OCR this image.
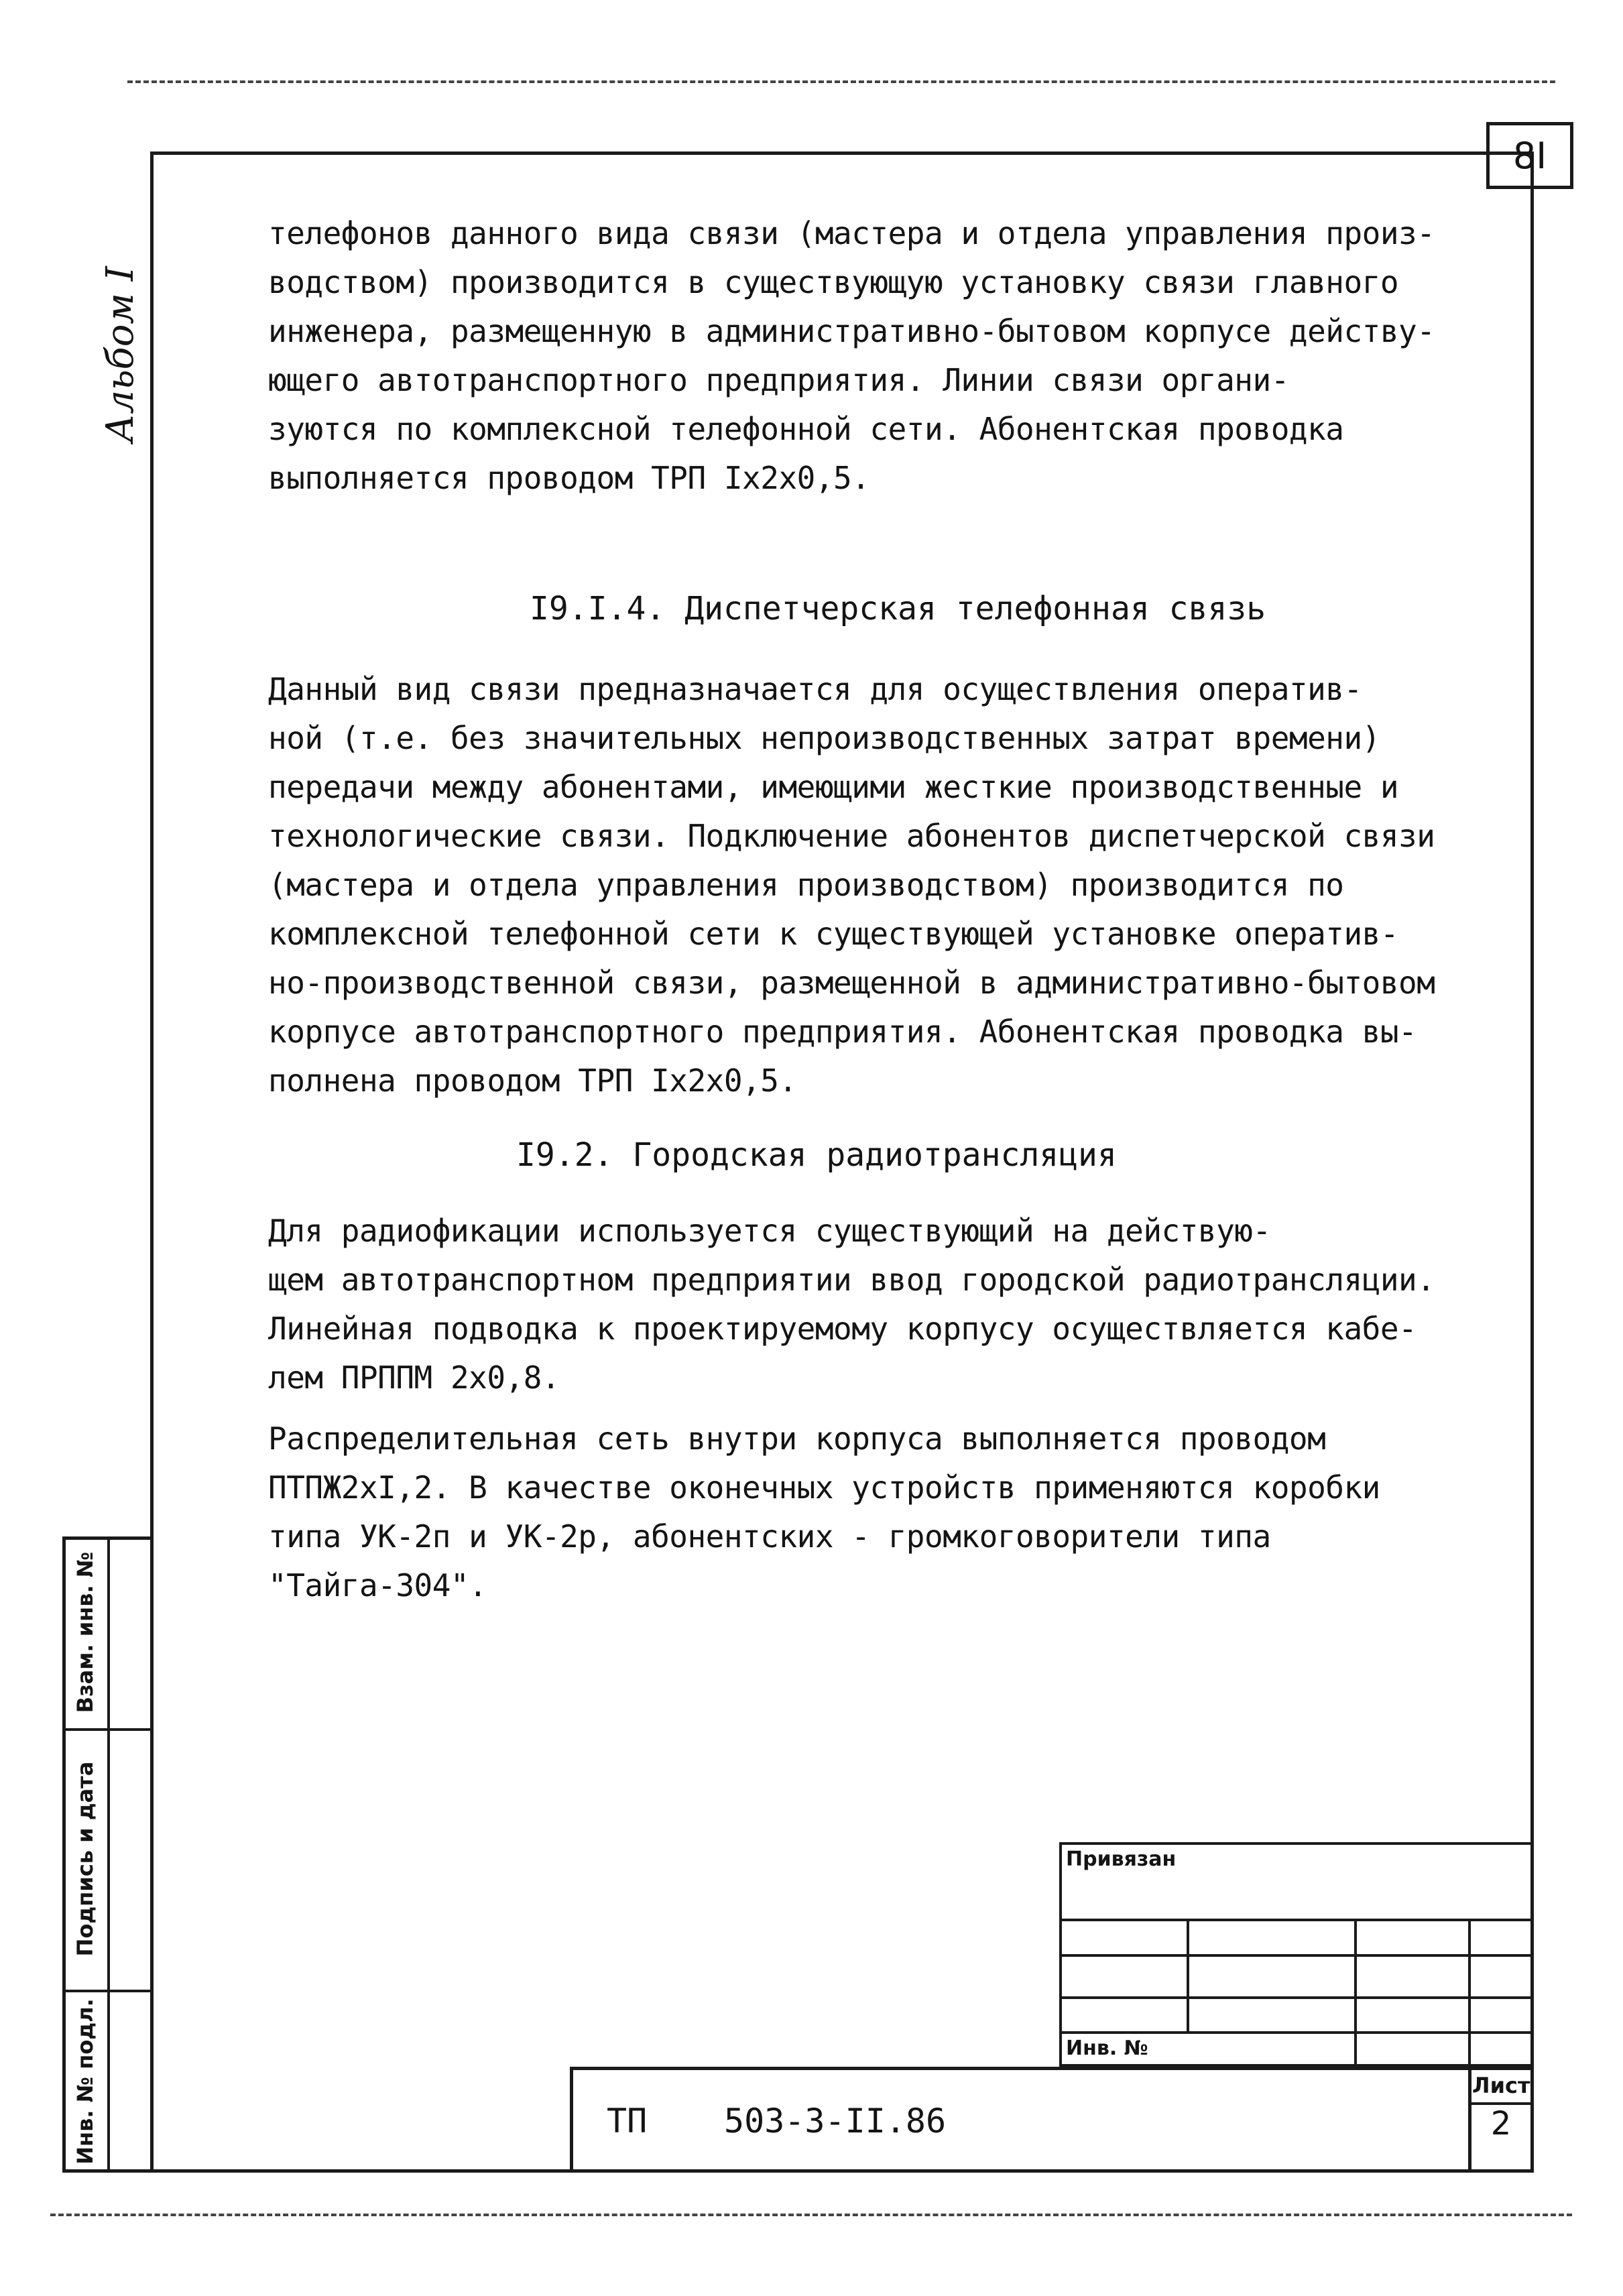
8I
Альбом I
телефонов данного вида связи (мастера и отдела управления произ-
водством) производится в существующую установку связи главного
инженера, размещенную в административно-бытовом корпусе действу-
ющего автотранспортного предприятия. Линии связи органи-
зуются по комплексной телефонной сети. Абонентская проводка
выполняется проводом ТРП Iх2х0,5.
I9.I.4. Диспетчерская телефонная связь
Данный вид связи предназначается для осуществления оператив-
ной (т.е. без значительных непроизводственных затрат времени)
передачи между абонентами, имеющими жесткие производственные и
технологические связи. Подключение абонентов диспетчерской связи
(мастера и отдела управления производством) производится по
комплексной телефонной сети к существующей установке оператив-
но-производственной связи, размещенной в административно-бытовом
корпусе автотранспортного предприятия. Абонентская проводка вы-
полнена проводом ТРП Iх2х0,5.
I9.2. Городская радиотрансляция
Для радиофикации используется существующий на действую-
щем автотранспортном предприятии ввод городской радиотрансляции.
Линейная подводка к проектируемому корпусу осуществляется кабе-
лем ПРППМ 2х0,8.
Распределительная сеть внутри корпуса выполняется проводом
ПТПЖ2хI,2. В качестве оконечных устройств применяются коробки
типа УК-2п и УК-2р, абонентских - громкоговорители типа
"Тайга-304".
Взам. инв. №
Подпись и дата
Инв. № подл.
Привязан
Инв. №
ТП 503-3-II.86
Лист
2
